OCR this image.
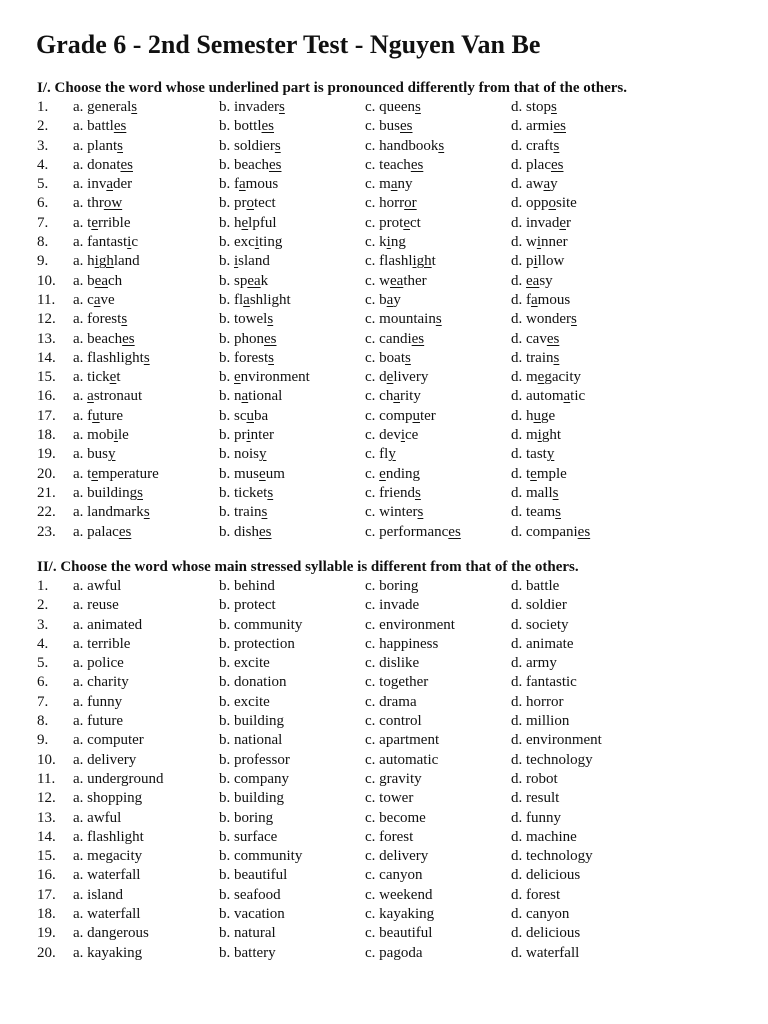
Grade 6 - 2nd Semester Test - Nguyen Van Be
I/. Choose the word whose underlined part is pronounced differently from that of the others.
1.	a. generals	b. invaders	c. queens	d. stops
2.	a. battles	b. bottles	c. buses	d. armies
3.	a. plants	b. soldiers	c. handbooks	d. crafts
4.	a. donates	b. beaches	c. teaches	d. places
5.	a. invader	b. famous	c. many	d. away
6.	a. throw	b. protect	c. horror	d. opposite
7.	a. terrible	b. helpful	c. protect	d. invader
8.	a. fantastic	b. exciting	c. king	d. winner
9.	a. highland	b. island	c. flashlight	d. pillow
10.	a. beach	b. speak	c. weather	d. easy
11.	a. cave	b. flashlight	c. bay	d. famous
12.	a. forests	b. towels	c. mountains	d. wonders
13.	a. beaches	b. phones	c. candies	d. caves
14.	a. flashlights	b. forests	c. boats	d. trains
15.	a. ticket	b. environment	c. delivery	d. megacity
16.	a. astronaut	b. national	c. charity	d. automatic
17.	a. future	b. scuba	c. computer	d. huge
18.	a. mobile	b. printer	c. device	d. might
19.	a. busy	b. noisy	c. fly	d. tasty
20.	a. temperature	b. museum	c. ending	d. temple
21.	a. buildings	b. tickets	c. friends	d. malls
22.	a. landmarks	b. trains	c. winters	d. teams
23.	a. palaces	b. dishes	c. performances	d. companies
II/. Choose the word whose main stressed syllable is different from that of the others.
1.	a. awful	b. behind	c. boring	d. battle
2.	a. reuse	b. protect	c. invade	d. soldier
3.	a. animated	b. community	c. environment	d. society
4.	a. terrible	b. protection	c. happiness	d. animate
5.	a. police	b. excite	c. dislike	d. army
6.	a. charity	b. donation	c. together	d. fantastic
7.	a. funny	b. excite	c. drama	d. horror
8.	a. future	b. building	c. control	d. million
9.	a. computer	b. national	c. apartment	d. environment
10.	a. delivery	b. professor	c. automatic	d. technology
11.	a. underground	b. company	c. gravity	d. robot
12.	a. shopping	b. building	c. tower	d. result
13.	a. awful	b. boring	c. become	d. funny
14.	a. flashlight	b. surface	c. forest	d. machine
15.	a. megacity	b. community	c. delivery	d. technology
16.	a. waterfall	b. beautiful	c. canyon	d. delicious
17.	a. island	b. seafood	c. weekend	d. forest
18.	a. waterfall	b. vacation	c. kayaking	d. canyon
19.	a. dangerous	b. natural	c. beautiful	d. delicious
20.	a. kayaking	b. battery	c. pagoda	d. waterfall
